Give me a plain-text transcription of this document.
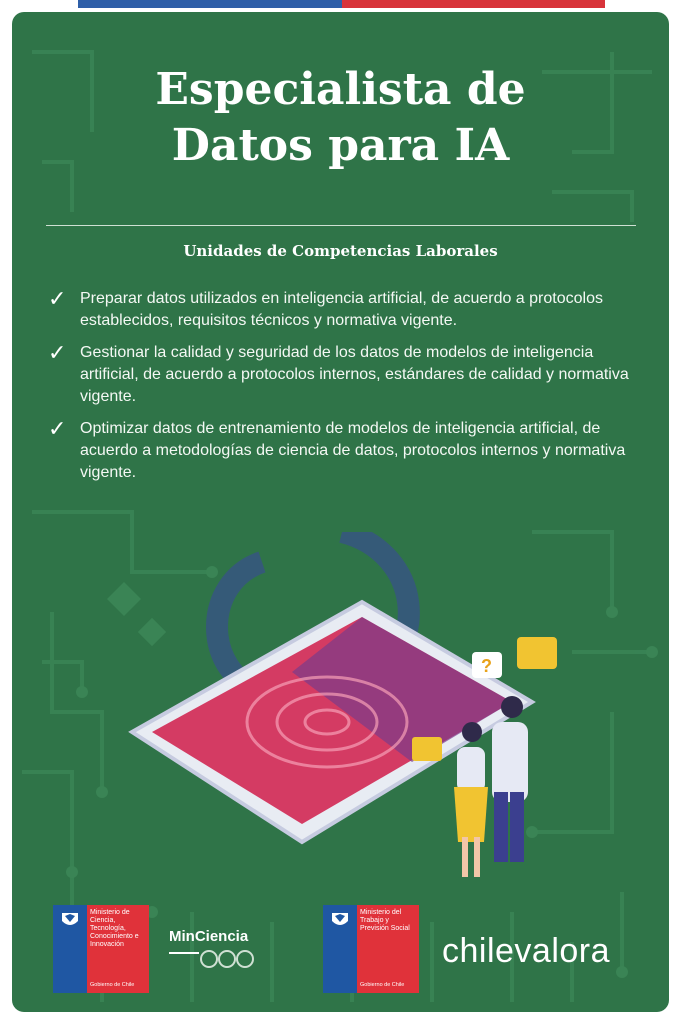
Especialista de
Datos para IA
Unidades de Competencias Laborales
✓ Preparar datos utilizados en inteligencia artificial, de acuerdo a protocolos establecidos, requisitos técnicos y normativa vigente.
✓ Gestionar la calidad y seguridad de los datos de modelos de inteligencia artificial, de acuerdo a protocolos internos, estándares de calidad y normativa vigente.
✓ Optimizar datos de entrenamiento de modelos de inteligencia artificial, de acuerdo a metodologías de ciencia de datos, protocolos internos y normativa vigente.
?
Ministerio de Ciencia, Tecnología, Conocimiento e Innovación
Gobierno de Chile
MinCiencia
Ministerio del Trabajo y Previsión Social
Gobierno de Chile
chilevalora
